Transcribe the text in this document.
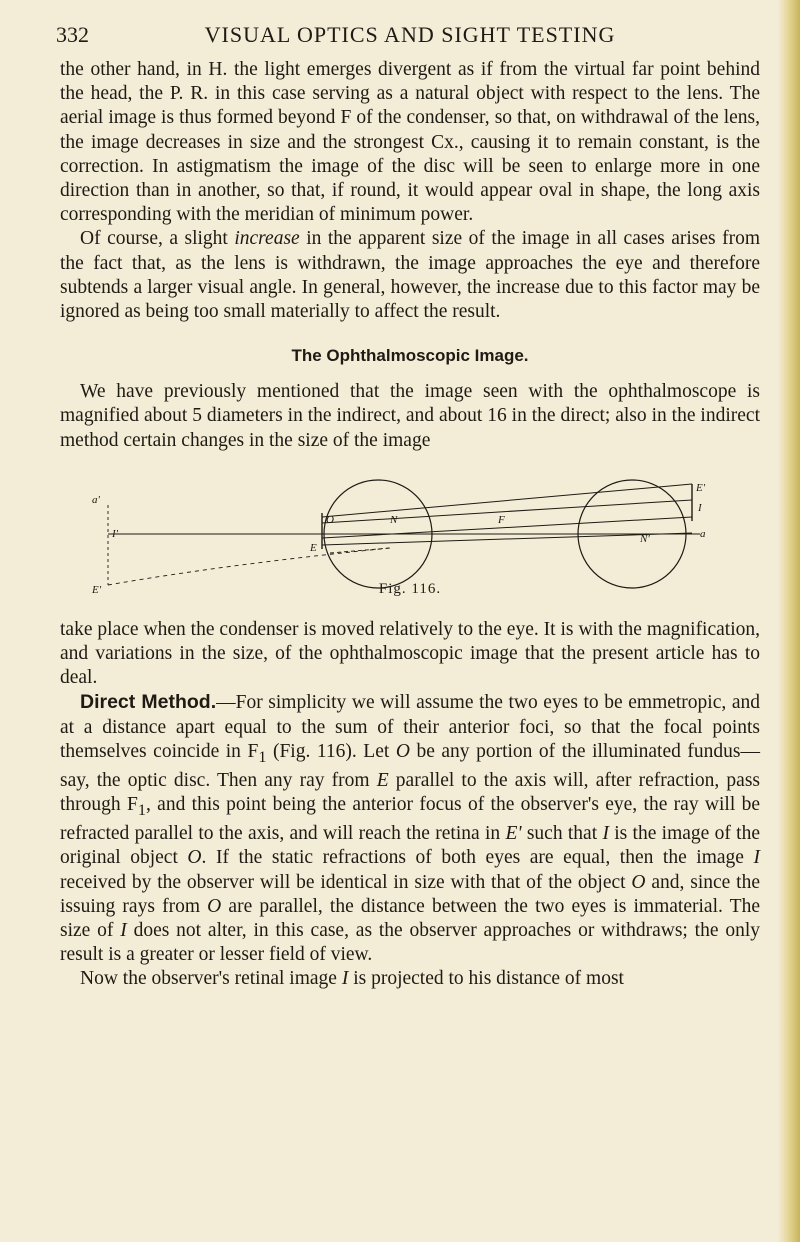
332	VISUAL OPTICS AND SIGHT TESTING

the other hand, in H. the light emerges divergent as if from the virtual far point behind the head, the P. R. in this case serving as a natural object with respect to the lens. The aerial image is thus formed beyond F of the condenser, so that, on withdrawal of the lens, the image decreases in size and the strongest Cx., causing it to remain constant, is the correction. In astigmatism the image of the disc will be seen to enlarge more in one direction than in another, so that, if round, it would appear oval in shape, the long axis corresponding with the meridian of minimum power.

Of course, a slight increase in the apparent size of the image in all cases arises from the fact that, as the lens is withdrawn, the image approaches the eye and therefore subtends a larger visual angle. In general, however, the increase due to this factor may be ignored as being too small materially to affect the result.

The Ophthalmoscopic Image.

We have previously mentioned that the image seen with the ophthalmoscope is magnified about 5 diameters in the indirect, and about 16 in the direct; also in the indirect method certain changes in the size of the image

a'
I'
E'
O
E
N	F
N'
E'
I
a
Fig. 116.

take place when the condenser is moved relatively to the eye. It is with the magnification, and variations in the size, of the ophthalmoscopic image that the present article has to deal.

Direct Method.—For simplicity we will assume the two eyes to be emmetropic, and at a distance apart equal to the sum of their anterior foci, so that the focal points themselves coincide in $F_1$ (Fig. 116). Let O be any portion of the illuminated fundus—say, the optic disc. Then any ray from E parallel to the axis will, after refraction, pass through $F_1$, and this point being the anterior focus of the observer's eye, the ray will be refracted parallel to the axis, and will reach the retina in E' such that I is the image of the original object O. If the static refractions of both eyes are equal, then the image I received by the observer will be identical in size with that of the object O and, since the issuing rays from O are parallel, the distance between the two eyes is immaterial. The size of I does not alter, in this case, as the observer approaches or withdraws; the only result is a greater or lesser field of view.

Now the observer's retinal image I is projected to his distance of most
